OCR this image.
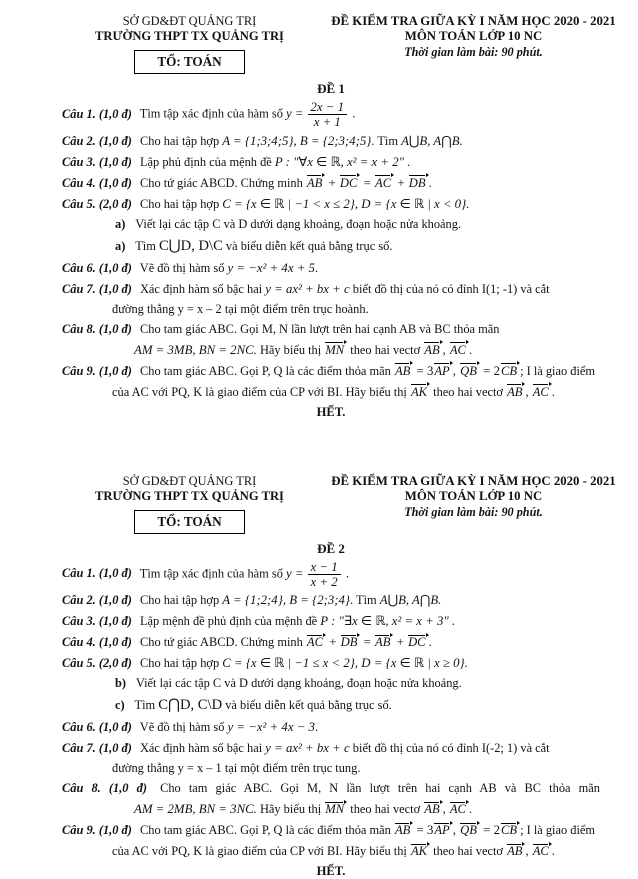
SỞ GD&ĐT QUẢNG TRỊ
TRƯỜNG THPT TX QUẢNG TRỊ
TỔ: TOÁN
ĐỀ KIỂM TRA GIỮA KỲ I NĂM HỌC 2020 - 2021
MÔN TOÁN LỚP 10 NC
Thời gian làm bài: 90 phút.
ĐỀ 1
Câu 1. (1,0 đ) Tìm tập xác định của hàm số $y = \frac{2x - 1}{x + 1}$ .
Câu 2. (1,0 đ) Cho hai tập hợp A = {1;3;4;5}, B = {2;3;4;5}. Tìm A⋃B, A⋂B.
Câu 3. (1,0 đ) Lập phủ định của mệnh đề P : "∀x ∈ ℝ, x² = x + 2" .
Câu 4. (1,0 đ) Cho tứ giác ABCD. Chứng minh AB + DC = AC + DB .
Câu 5. (2,0 đ) Cho hai tập hợp C = {x ∈ ℝ | −1 < x ≤ 2}, D = {x ∈ ℝ | x < 0}.
a) Viết lại các tập C và D dưới dạng khoảng, đoạn hoặc nửa khoảng.
a) Tìm C⋃D, D\C và biểu diễn kết quả bằng trục số.
Câu 6. (1,0 đ) Vẽ đồ thị hàm số y = −x² + 4x + 5.
Câu 7. (1,0 đ) Xác định hàm số bậc hai y = ax² + bx + c biết đồ thị của nó có đỉnh I(1; -1) và cắt
đường thẳng y = x – 2 tại một điểm trên trục hoành.
Câu 8. (1,0 đ) Cho tam giác ABC. Gọi M, N lần lượt trên hai cạnh AB và BC thỏa mãn
AM = 3MB, BN = 2NC. Hãy biểu thị MN theo hai vectơ AB , AC .
Câu 9. (1,0 đ) Cho tam giác ABC. Gọi P, Q là các điểm thỏa mãn AB = 3AP , QB = 2CB ; I là giao điểm
của AC với PQ, K là giao điểm của CP với BI. Hãy biểu thị AK theo hai vectơ AB , AC .
HẾT.
SỞ GD&ĐT QUẢNG TRỊ
TRƯỜNG THPT TX QUẢNG TRỊ
TỔ: TOÁN
ĐỀ KIỂM TRA GIỮA KỲ I NĂM HỌC 2020 - 2021
MÔN TOÁN LỚP 10 NC
Thời gian làm bài: 90 phút.
ĐỀ 2
Câu 1. (1,0 đ) Tìm tập xác định của hàm số $y = \frac{x - 1}{x + 2}$ .
Câu 2. (1,0 đ) Cho hai tập hợp A = {1;2;4}, B = {2;3;4}. Tìm A⋃B, A⋂B.
Câu 3. (1,0 đ) Lập mệnh đề phủ định của mệnh đề P : "∃x ∈ ℝ, x² = x + 3" .
Câu 4. (1,0 đ) Cho tứ giác ABCD. Chứng minh AC + DB = AB + DC .
Câu 5. (2,0 đ) Cho hai tập hợp C = {x ∈ ℝ | −1 ≤ x < 2}, D = {x ∈ ℝ | x ≥ 0}.
b) Viết lại các tập C và D dưới dạng khoảng, đoạn hoặc nửa khoảng.
c) Tìm C⋂D, C\D và biểu diễn kết quả bằng trục số.
Câu 6. (1,0 đ) Vẽ đồ thị hàm số y = −x² + 4x − 3.
Câu 7. (1,0 đ) Xác định hàm số bậc hai y = ax² + bx + c biết đồ thị của nó có đỉnh I(-2; 1) và cắt
đường thẳng y = x – 1 tại một điểm trên trục tung.
Câu 8. (1,0 đ) Cho tam giác ABC. Gọi M, N lần lượt trên hai cạnh AB và BC thỏa mãn
AM = 2MB, BN = 3NC. Hãy biểu thị MN theo hai vectơ AB , AC .
Câu 9. (1,0 đ) Cho tam giác ABC. Gọi P, Q là các điểm thỏa mãn AB = 3AP , QB = 2CB ; I là giao điểm
của AC với PQ, K là giao điểm của CP với BI. Hãy biểu thị AK theo hai vectơ AB , AC .
HẾT.
